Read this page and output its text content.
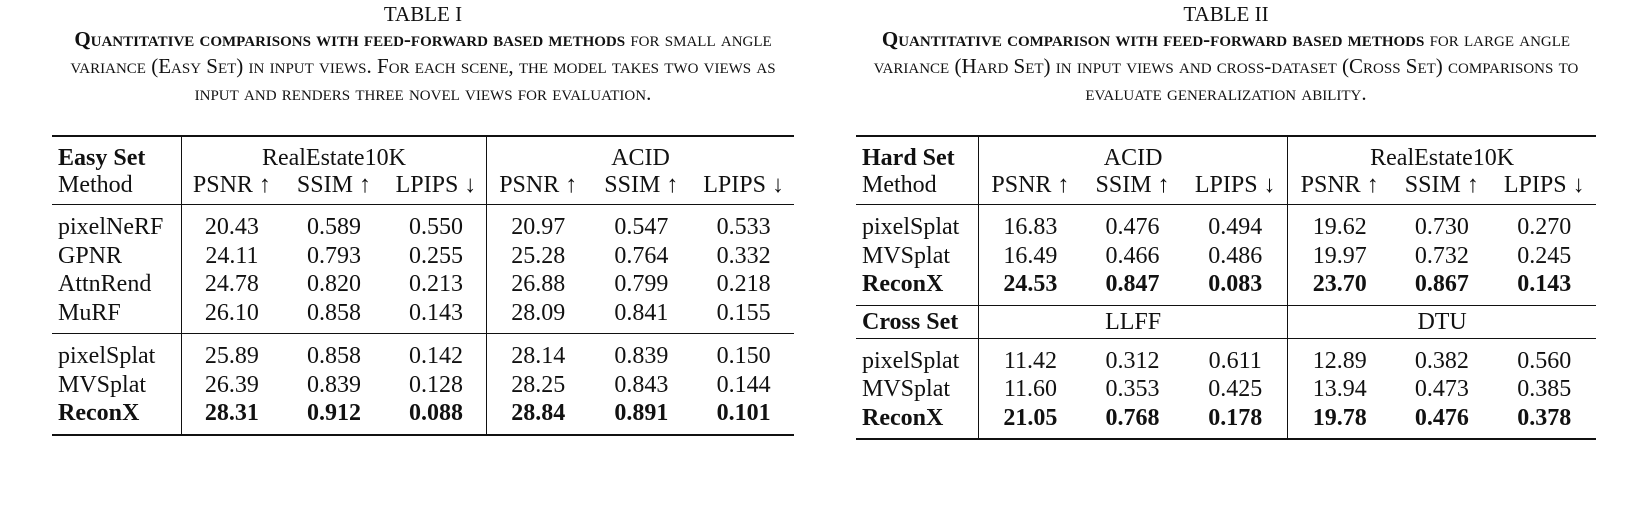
TABLE I
Quantitative comparisons with feed-forward based methods for small angle variance (Easy Set) in input views. For each scene, the model takes two views as input and renders three novel views for evaluation.
Easy Set	RealEstate10K			ACID		
Method	PSNR ↑	SSIM ↑	LPIPS ↓	PSNR ↑	SSIM ↑	LPIPS ↓
pixelNeRF	20.43	0.589	0.550	20.97	0.547	0.533
GPNR	24.11	0.793	0.255	25.28	0.764	0.332
AttnRend	24.78	0.820	0.213	26.88	0.799	0.218
MuRF	26.10	0.858	0.143	28.09	0.841	0.155
pixelSplat	25.89	0.858	0.142	28.14	0.839	0.150
MVSplat	26.39	0.839	0.128	28.25	0.843	0.144
ReconX	28.31	0.912	0.088	28.84	0.891	0.101
TABLE II
Quantitative comparison with feed-forward based methods for large angle variance (Hard Set) in input views and cross-dataset (Cross Set) comparisons to evaluate generalization ability.
Hard Set	ACID			RealEstate10K		
Method	PSNR ↑	SSIM ↑	LPIPS ↓	PSNR ↑	SSIM ↑	LPIPS ↓
pixelSplat	16.83	0.476	0.494	19.62	0.730	0.270
MVSplat	16.49	0.466	0.486	19.97	0.732	0.245
ReconX	24.53	0.847	0.083	23.70	0.867	0.143
Cross Set	LLFF			DTU		
pixelSplat	11.42	0.312	0.611	12.89	0.382	0.560
MVSplat	11.60	0.353	0.425	13.94	0.473	0.385
ReconX	21.05	0.768	0.178	19.78	0.476	0.378
